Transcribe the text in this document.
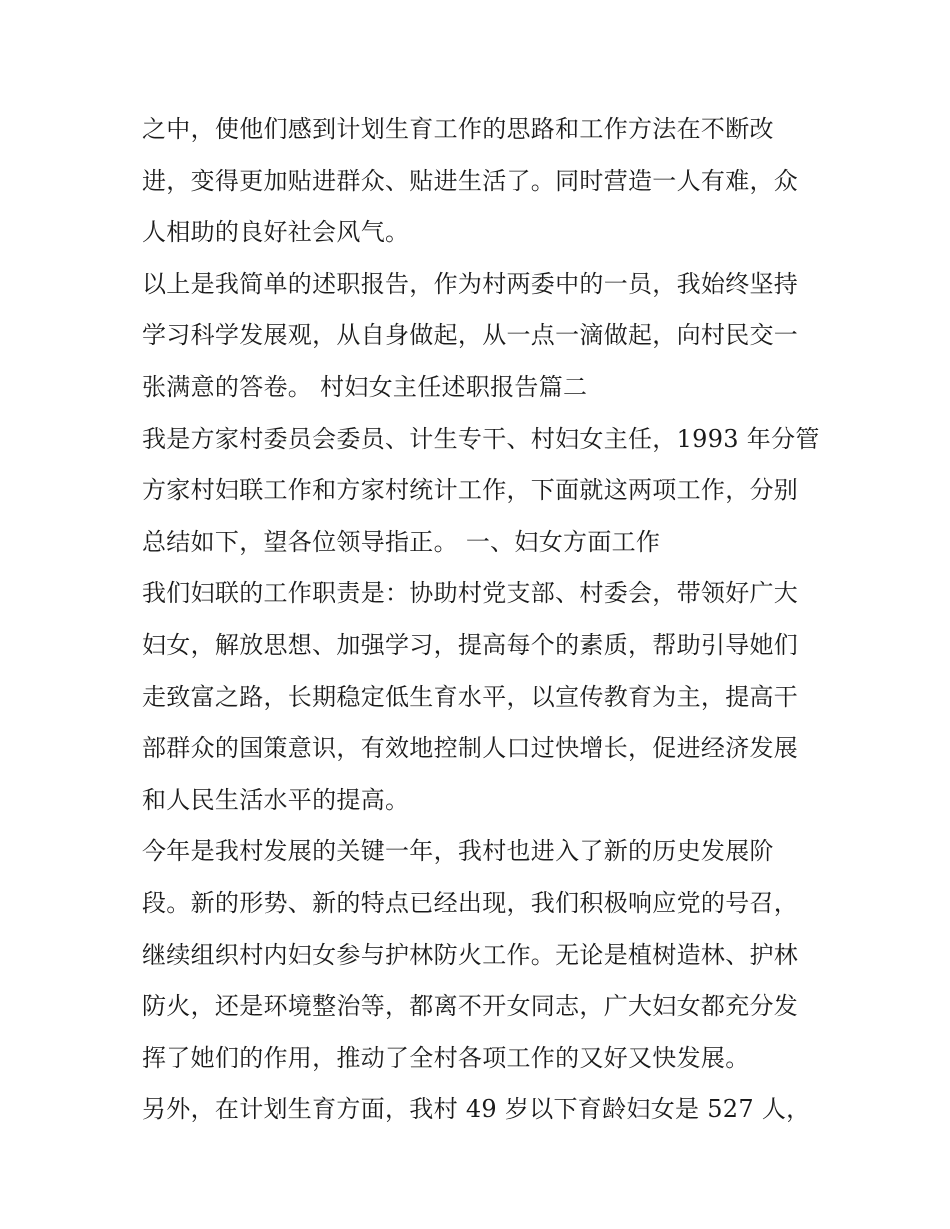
之中，使他们感到计划生育工作的思路和工作方法在不断改
进，变得更加贴进群众、贴进生活了。同时营造一人有难，众
人相助的良好社会风气。
以上是我简单的述职报告，作为村两委中的一员，我始终坚持
学习科学发展观，从自身做起，从一点一滴做起，向村民交一
张满意的答卷。 村妇女主任述职报告篇二
我是方家村委员会委员、计生专干、村妇女主任，1993 年分管
方家村妇联工作和方家村统计工作，下面就这两项工作，分别
总结如下，望各位领导指正。 一、妇女方面工作
我们妇联的工作职责是：协助村党支部、村委会，带领好广大
妇女，解放思想、加强学习，提高每个的素质，帮助引导她们
走致富之路，长期稳定低生育水平，以宣传教育为主，提高干
部群众的国策意识，有效地控制人口过快增长，促进经济发展
和人民生活水平的提高。
今年是我村发展的关键一年，我村也进入了新的历史发展阶
段。新的形势、新的特点已经出现，我们积极响应党的号召，
继续组织村内妇女参与护林防火工作。无论是植树造林、护林
防火，还是环境整治等，都离不开女同志，广大妇女都充分发
挥了她们的作用，推动了全村各项工作的又好又快发展。
另外，在计划生育方面，我村 49 岁以下育龄妇女是 527 人，
